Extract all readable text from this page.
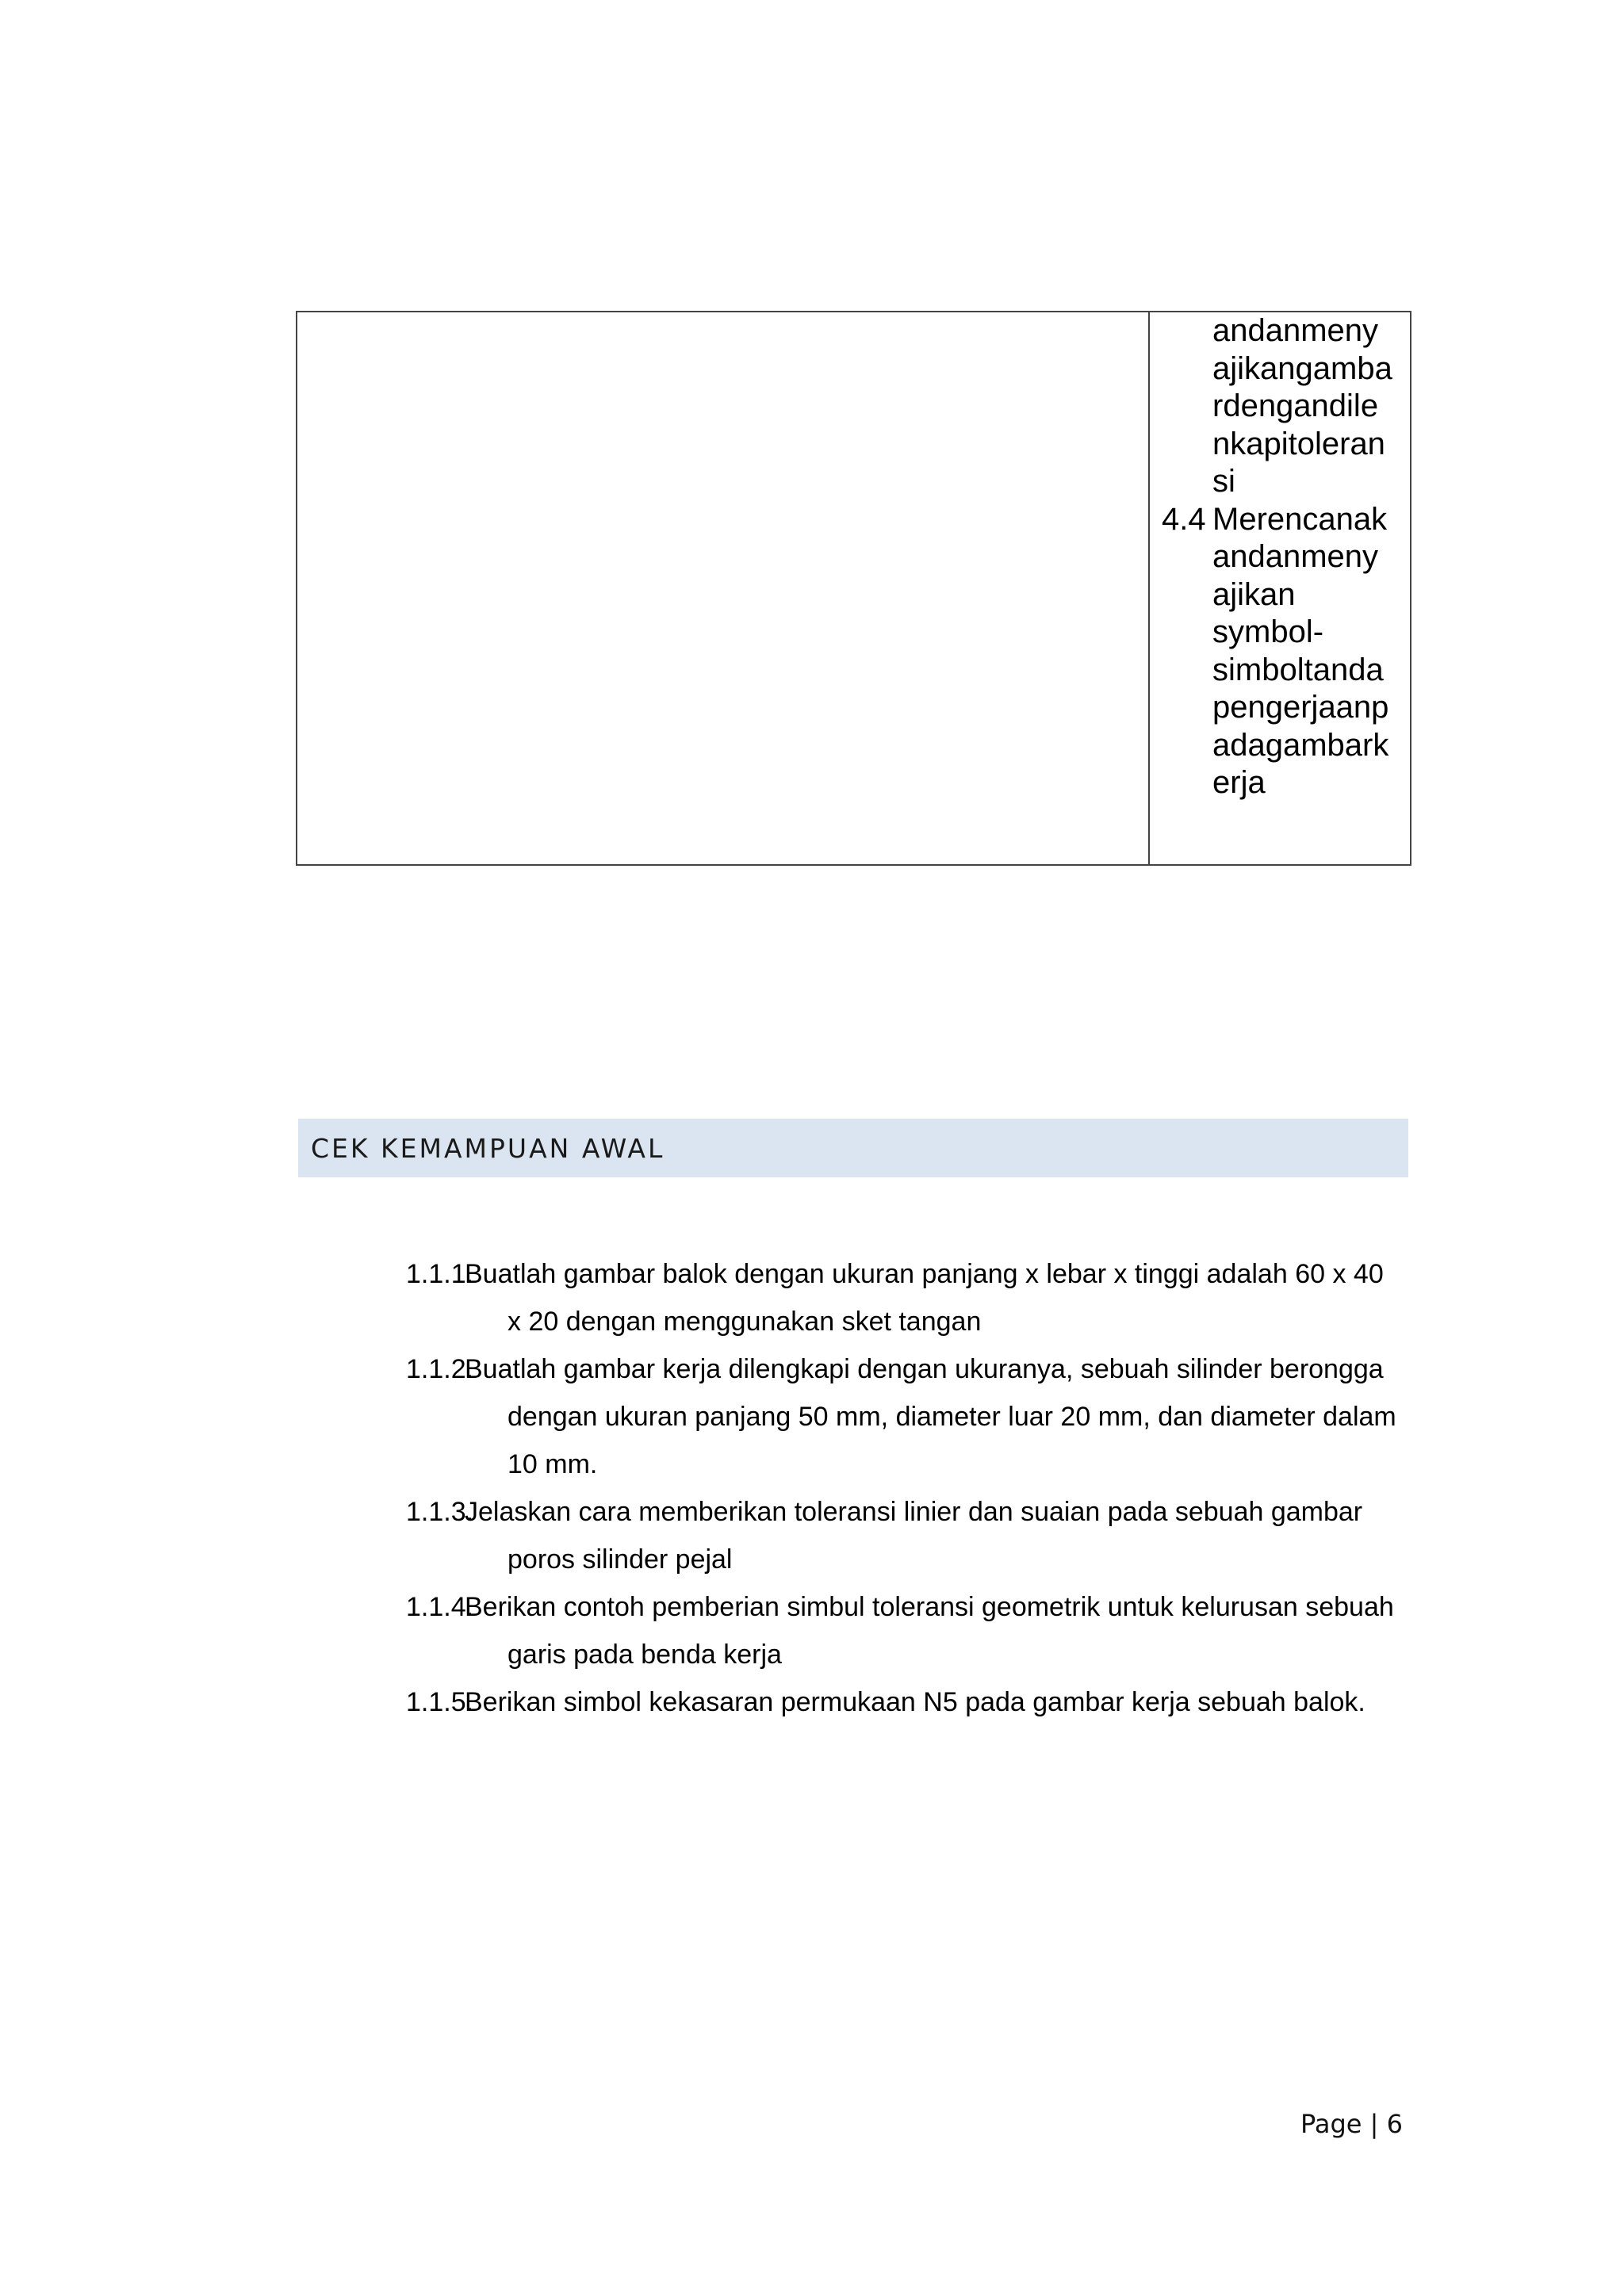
andanmeny
ajikangamba
rdengandile
nkapitoleran
si
4.4 Merencanak
andanmeny
ajikan
symbol-
simboltanda
pengerjaanp
adagambark
erja
CEK KEMAMPUAN AWAL
1.1.1.
Buatlah gambar balok dengan ukuran panjang x lebar x tinggi adalah 60 x 40 x 20 dengan menggunakan sket tangan
1.1.2.
Buatlah gambar kerja dilengkapi dengan ukuranya, sebuah silinder berongga dengan ukuran panjang 50 mm, diameter luar 20 mm, dan diameter dalam 10 mm.
1.1.3.
Jelaskan cara memberikan toleransi linier dan suaian pada sebuah gambar poros silinder pejal
1.1.4.
Berikan contoh pemberian simbul toleransi geometrik untuk kelurusan sebuah garis pada benda kerja
1.1.5.
Berikan simbol kekasaran permukaan N5 pada gambar kerja sebuah balok.
Page | 6
